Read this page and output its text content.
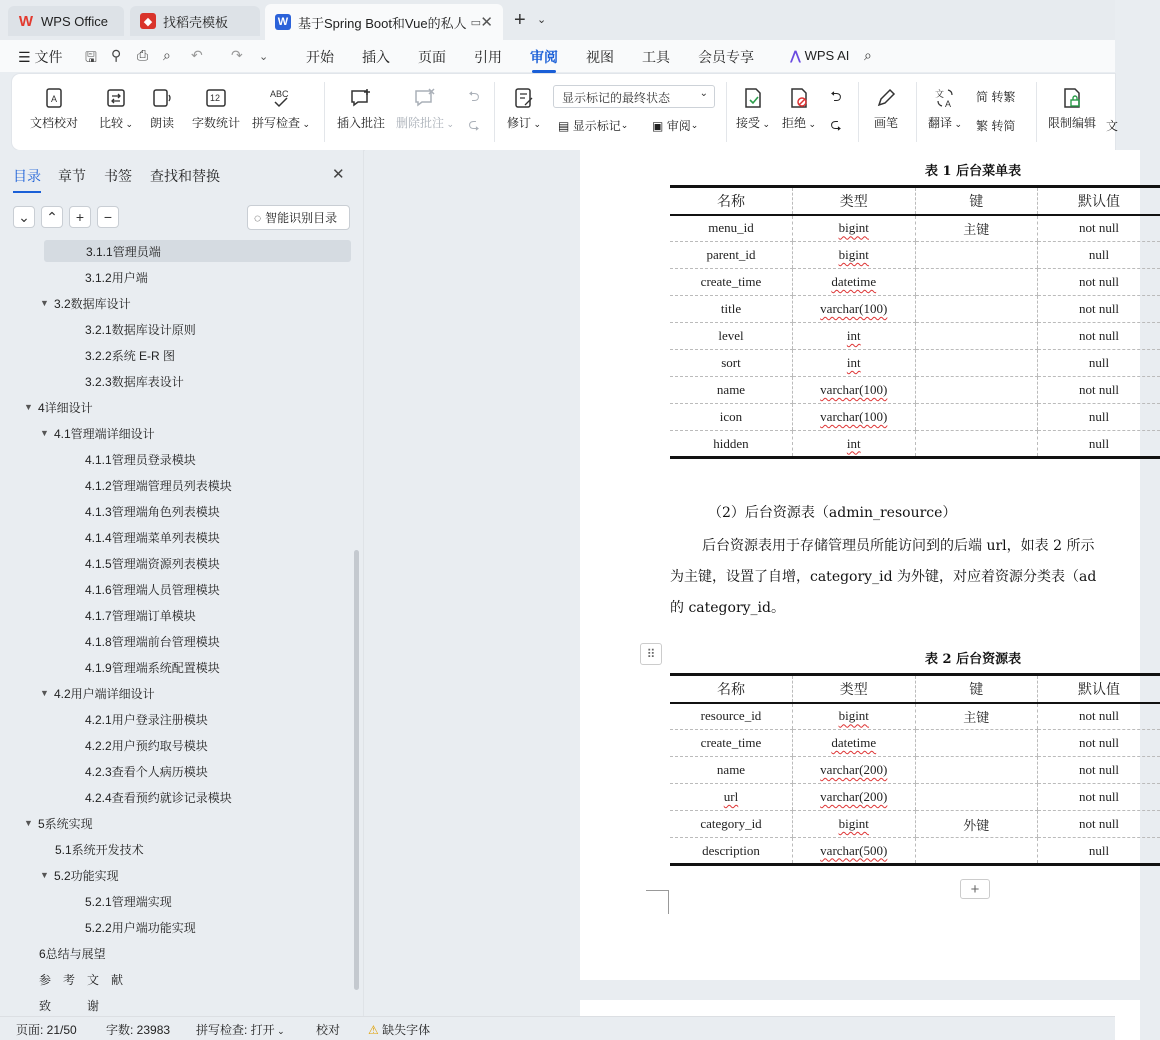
W WPS Office	◆ 找稻壳模板	W 基于Spring Boot和Vue的私人 ▭ ✕ + ⌄
☰ 文件 🖫 ⚲ ⎙ ⌕ ↶ ↷ ⌄	开始 插入 页面 引用 审阅 视图 工具 会员专享	⋀ WPS AI ⌕
A
文档校对 比较 ⌄	朗读
12
字数统计
ABC
拼写检查 ⌄ 插入批注 删除批注 ⌄
⮌
⮎	修订 ⌄
显示标记的最终状态	⌄
▤
显示标记 ⌄ ▣
审阅 ⌄	接受 ⌄ 拒绝 ⌄
⮌
⮎	画笔
文
A
翻译 ⌄
简 转繁
繁 转简	限制编辑 文
目录 章节 书签 查找和替换	✕
⌄ ⌃ + −	◌ 智能识别目录
3.1.1管理员端
3.1.2用户端
▼ 3.2数据库设计
3.2.1数据库设计原则
3.2.2系统 E-R 图
3.2.3数据库表设计
▼ 4详细设计
▼ 4.1管理端详细设计
4.1.1管理员登录模块
4.1.2管理端管理员列表模块
4.1.3管理端角色列表模块
4.1.4管理端菜单列表模块
4.1.5管理端资源列表模块
4.1.6管理端人员管理模块
4.1.7管理端订单模块
4.1.8管理端前台管理模块
4.1.9管理端系统配置模块
▼ 4.2用户端详细设计
4.2.1用户登录注册模块
4.2.2用户预约取号模块
4.2.3查看个人病历模块
4.2.4查看预约就诊记录模块
▼ 5系统实现
5.1系统开发技术
▼ 5.2功能实现
5.2.1管理端实现
5.2.2用户端功能实现
6总结与展望
参　考　文　献
致　　　谢
表 1 后台菜单表
名称	类型	键	默认值
menu_id	bigint	主键	not null
parent_id	bigint		null
create_time	datetime		not null
title	varchar(100)		not null
level	int		not null
sort	int		null
name	varchar(100)		not null
icon	varchar(100)		null
hidden	int		null
（2）后台资源表（admin_resource）
后台资源表用于存储管理员所能访问到的后端 url，如表 2 所示
为主键，设置了自增，category_id 为外键，对应着资源分类表（ad
的 category_id。
表 2 后台资源表
名称	类型	键	默认值
resource_id	bigint	主键	not null
create_time	datetime		not null
name	varchar(200)		not null
url	varchar(200)		not null
category_id	bigint	外键	not null
description	varchar(500)		null
⠿
+
页面: 21/50 字数: 23983 拼写检查: 打开 ⌄	校对 ⚠ 缺失字体
